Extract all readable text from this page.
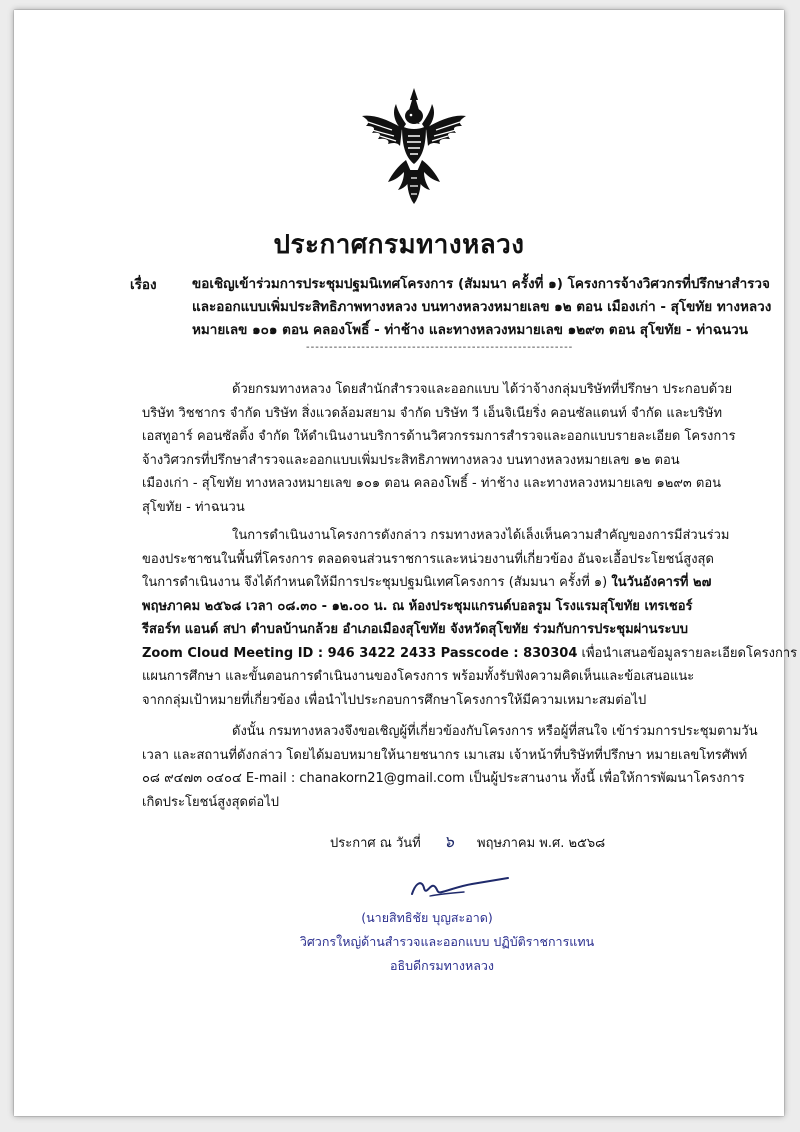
ประกาศกรมทางหลวง
เรื่อง	ขอเชิญเข้าร่วมการประชุมปฐมนิเทศโครงการ (สัมมนา ครั้งที่ ๑) โครงการจ้างวิศวกรที่ปรึกษาสำรวจ
และออกแบบเพิ่มประสิทธิภาพทางหลวง บนทางหลวงหมายเลข ๑๒ ตอน เมืองเก่า - สุโขทัย ทางหลวง
หมายเลข ๑๐๑ ตอน คลองโพธิ์ - ท่าช้าง และทางหลวงหมายเลข ๑๒๙๓ ตอน สุโขทัย - ท่าฉนวน
----------------------------------------------------------
ด้วยกรมทางหลวง โดยสำนักสำรวจและออกแบบ ได้ว่าจ้างกลุ่มบริษัทที่ปรึกษา ประกอบด้วย
บริษัท วิชชากร จำกัด บริษัท สิ่งแวดล้อมสยาม จำกัด บริษัท วี เอ็นจิเนียริ่ง คอนซัลแตนท์ จำกัด และบริษัท
เอสทูอาร์ คอนซัลติ้ง จำกัด ให้ดำเนินงานบริการด้านวิศวกรรมการสำรวจและออกแบบรายละเอียด โครงการ
จ้างวิศวกรที่ปรึกษาสำรวจและออกแบบเพิ่มประสิทธิภาพทางหลวง บนทางหลวงหมายเลข ๑๒ ตอน
เมืองเก่า - สุโขทัย ทางหลวงหมายเลข ๑๐๑ ตอน คลองโพธิ์ - ท่าช้าง และทางหลวงหมายเลข ๑๒๙๓ ตอน
สุโขทัย - ท่าฉนวน
ในการดำเนินงานโครงการดังกล่าว กรมทางหลวงได้เล็งเห็นความสำคัญของการมีส่วนร่วม
ของประชาชนในพื้นที่โครงการ ตลอดจนส่วนราชการและหน่วยงานที่เกี่ยวข้อง อันจะเอื้อประโยชน์สูงสุด
ในการดำเนินงาน จึงได้กำหนดให้มีการประชุมปฐมนิเทศโครงการ (สัมมนา ครั้งที่ ๑) ในวันอังคารที่ ๒๗
พฤษภาคม ๒๕๖๘ เวลา ๐๘.๓๐ - ๑๒.๐๐ น. ณ ห้องประชุมแกรนด์บอลรูม โรงแรมสุโขทัย เทรเชอร์
รีสอร์ท แอนด์ สปา ตำบลบ้านกล้วย อำเภอเมืองสุโขทัย จังหวัดสุโขทัย ร่วมกับการประชุมผ่านระบบ
Zoom Cloud Meeting ID : 946 3422 2433 Passcode : 830304 เพื่อนำเสนอข้อมูลรายละเอียดโครงการ
แผนการศึกษา และขั้นตอนการดำเนินงานของโครงการ พร้อมทั้งรับฟังความคิดเห็นและข้อเสนอแนะ
จากกลุ่มเป้าหมายที่เกี่ยวข้อง เพื่อนำไปประกอบการศึกษาโครงการให้มีความเหมาะสมต่อไป
ดังนั้น กรมทางหลวงจึงขอเชิญผู้ที่เกี่ยวข้องกับโครงการ หรือผู้ที่สนใจ เข้าร่วมการประชุมตามวัน
เวลา และสถานที่ดังกล่าว โดยได้มอบหมายให้นายชนากร เมาเสม เจ้าหน้าที่บริษัทที่ปรึกษา หมายเลขโทรศัพท์
๐๘ ๙๔๗๓ ๐๔๐๔ E-mail : chanakorn21@gmail.com เป็นผู้ประสานงาน ทั้งนี้ เพื่อให้การพัฒนาโครงการ
เกิดประโยชน์สูงสุดต่อไป
ประกาศ ณ วันที่ ๖ พฤษภาคม พ.ศ. ๒๕๖๘
(นายสิทธิชัย บุญสะอาด)
วิศวกรใหญ่ด้านสำรวจและออกแบบ ปฏิบัติราชการแทน
อธิบดีกรมทางหลวง
